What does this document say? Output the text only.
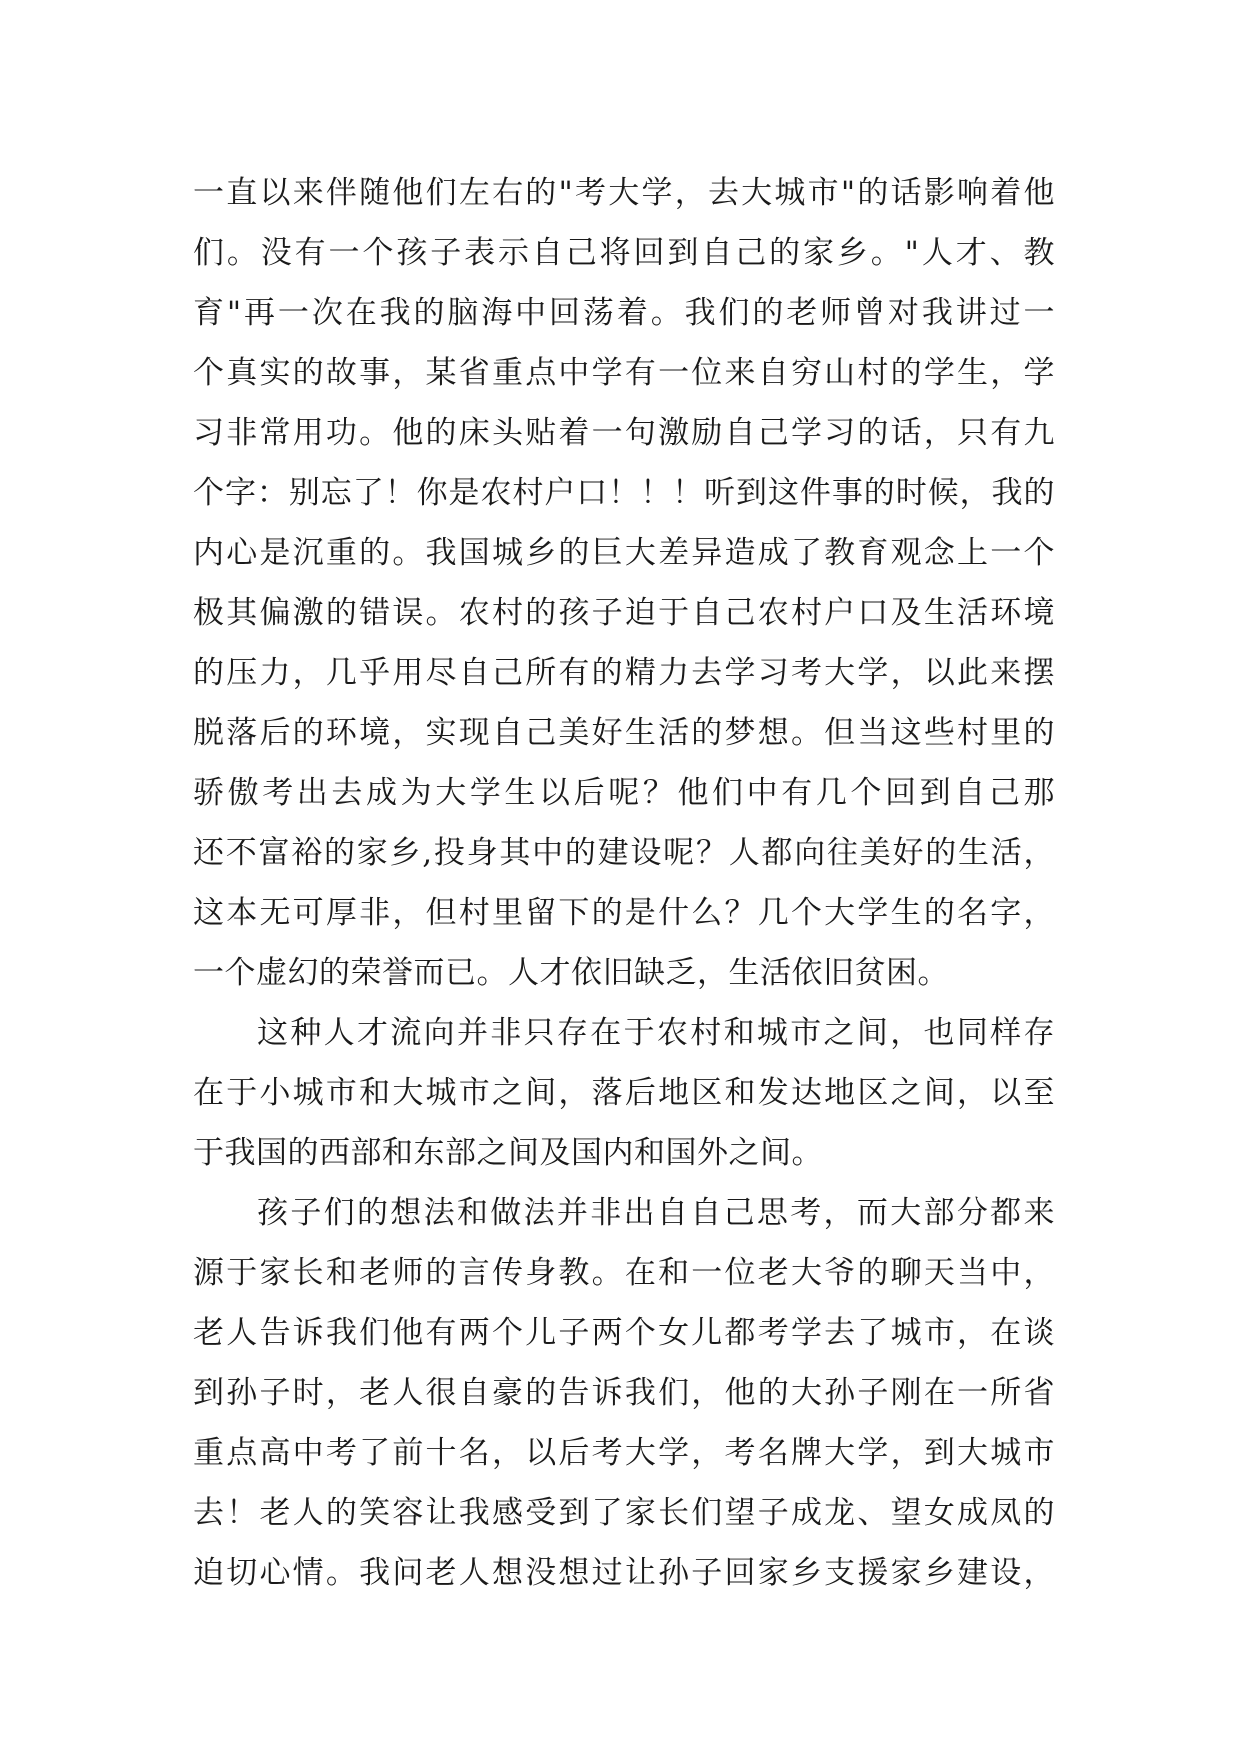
一直以来伴随他们左右的"考大学，去大城市"的话影响着他
们。没有一个孩子表示自己将回到自己的家乡。"人才、教
育"再一次在我的脑海中回荡着。我们的老师曾对我讲过一
个真实的故事，某省重点中学有一位来自穷山村的学生，学
习非常用功。他的床头贴着一句激励自己学习的话，只有九
个字：别忘了！你是农村户口！！！听到这件事的时候，我的
内心是沉重的。我国城乡的巨大差异造成了教育观念上一个
极其偏激的错误。农村的孩子迫于自己农村户口及生活环境
的压力，几乎用尽自己所有的精力去学习考大学，以此来摆
脱落后的环境，实现自己美好生活的梦想。但当这些村里的
骄傲考出去成为大学生以后呢？他们中有几个回到自己那
还不富裕的家乡,投身其中的建设呢？人都向往美好的生活，
这本无可厚非，但村里留下的是什么？几个大学生的名字，
一个虚幻的荣誉而已。人才依旧缺乏，生活依旧贫困。
这种人才流向并非只存在于农村和城市之间，也同样存
在于小城市和大城市之间，落后地区和发达地区之间，以至
于我国的西部和东部之间及国内和国外之间。
孩子们的想法和做法并非出自自己思考，而大部分都来
源于家长和老师的言传身教。在和一位老大爷的聊天当中，
老人告诉我们他有两个儿子两个女儿都考学去了城市，在谈
到孙子时，老人很自豪的告诉我们，他的大孙子刚在一所省
重点高中考了前十名，以后考大学，考名牌大学，到大城市
去！老人的笑容让我感受到了家长们望子成龙、望女成凤的
迫切心情。我问老人想没想过让孙子回家乡支援家乡建设，
